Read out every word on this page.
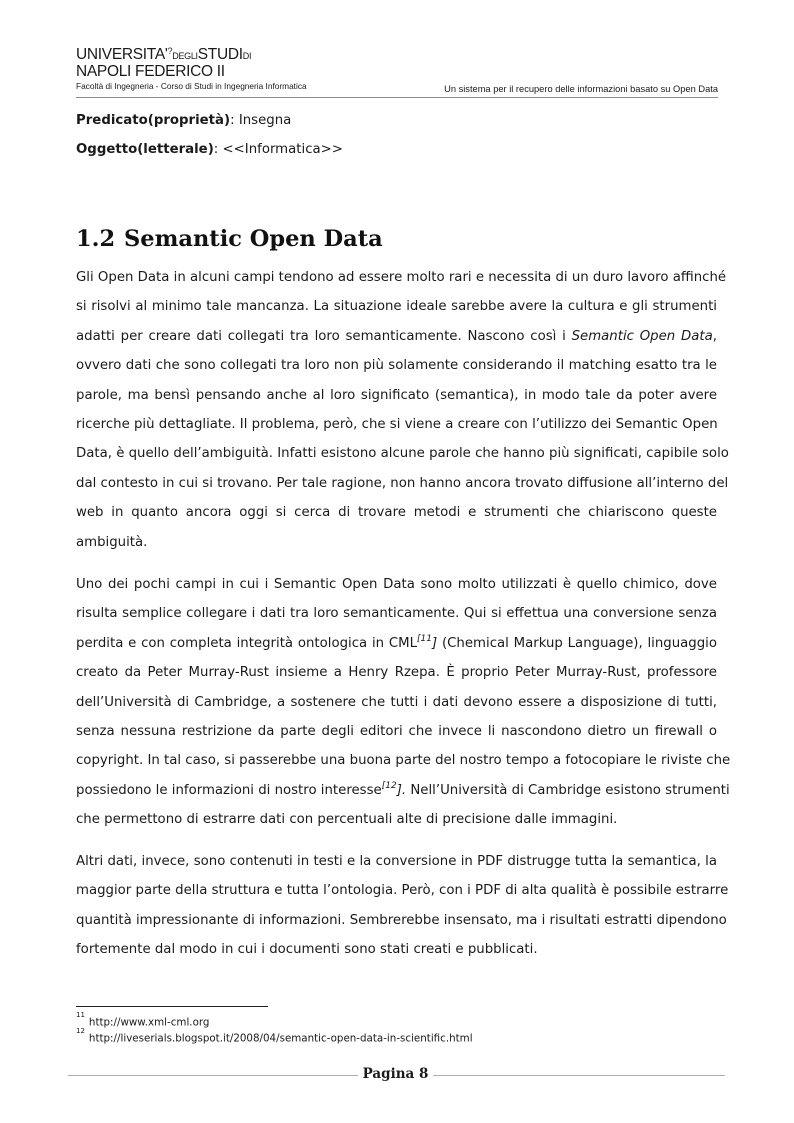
UNIVERSITA'?DEGLISTUDIDI
NAPOLI FEDERICO II
Facoltà di Ingegneria - Corso di Studi in Ingegneria Informatica	Un sistema per il recupero delle informazioni basato su Open Data
Predicato(proprietà): Insegna
Oggetto(letterale): <<Informatica>>
1.2 Semantic Open Data
Gli Open Data in alcuni campi tendono ad essere molto rari e necessita di un duro lavoro affinché
si risolvi al minimo tale mancanza. La situazione ideale sarebbe avere la cultura e gli strumenti
adatti per creare dati collegati tra loro semanticamente. Nascono così i Semantic Open Data,
ovvero dati che sono collegati tra loro non più solamente considerando il matching esatto tra le
parole, ma bensì pensando anche al loro significato (semantica), in modo tale da poter avere
ricerche più dettagliate. Il problema, però, che si viene a creare con l’utilizzo dei Semantic Open
Data, è quello dell’ambiguità. Infatti esistono alcune parole che hanno più significati, capibile solo
dal contesto in cui si trovano. Per tale ragione, non hanno ancora trovato diffusione all’interno del
web in quanto ancora oggi si cerca di trovare metodi e strumenti che chiariscono queste
ambiguità.
Uno dei pochi campi in cui i Semantic Open Data sono molto utilizzati è quello chimico, dove
risulta semplice collegare i dati tra loro semanticamente. Qui si effettua una conversione senza
perdita e con completa integrità ontologica in $CML^{[11}$] (Chemical Markup Language), linguaggio
creato da Peter Murray-Rust insieme a Henry Rzepa. È proprio Peter Murray-Rust, professore
dell’Università di Cambridge, a sostenere che tutti i dati devono essere a disposizione di tutti,
senza nessuna restrizione da parte degli editori che invece li nascondono dietro un firewall o
copyright. In tal caso, si passerebbe una buona parte del nostro tempo a fotocopiare le riviste che
possiedono le informazioni di nostro interesse$^{[12}$]. Nell’Università di Cambridge esistono strumenti
che permettono di estrarre dati con percentuali alte di precisione dalle immagini.
Altri dati, invece, sono contenuti in testi e la conversione in PDF distrugge tutta la semantica, la
maggior parte della struttura e tutta l’ontologia. Però, con i PDF di alta qualità è possibile estrarre
quantità impressionante di informazioni. Sembrerebbe insensato, ma i risultati estratti dipendono
fortemente dal modo in cui i documenti sono stati creati e pubblicati.
$^{11}$http://www.xml-cml.org
$^{12}$http://liveserials.blogspot.it/2008/04/semantic-open-data-in-scientific.html
Pagina 8
